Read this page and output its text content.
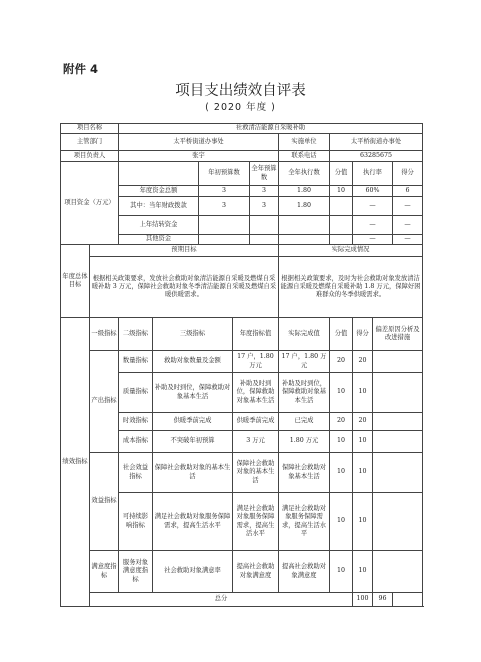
附件 4
项目支出绩效自评表
( 2020 年度 )
项目名称		社救清洁能源自采暖补助									
主管部门		太平桥街道办事处					实施单位	太平桥街道办事处			
项目负责人		张宇					联系电话	63285675			
项目资金（万元）				年初预算数		全年预算数	全年执行数	分值	执行率		得分
		年度资金总额		3		3	1.80	10	60%		6
		其中：当年财政拨款		3		3	1.80		—		—
		上年结转资金							—		—
		其他资金							—		—
年度总体目标	预期目标						实际完成情况				
	根据相关政策要求，发放社会救助对象清洁能源自采暖及燃煤自采暖补助 3 万元，保障社会救助对象冬季清洁能源自采暖及燃煤自采暖供暖需求。						根据相关政策要求，及时为社会救助对象发放清洁能源自采暖及燃煤自采暖补助 1.8 万元，保障好困难群众的冬季供暖需求。				
绩效指标	一级指标	二级指标	三级指标		年度指标值		实际完成值	分值	得分	偏差原因分析及改进措施	
	产出指标	数量指标	救助对象数量及金额		17 户，1.80 万元		17 户，1.80 万元	20	20		
		质量指标	补助及时到位，保障救助对象基本生活		补助及时到位，保障救助对象基本生活		补助及时到位，保障救助对象基本生活	10	10		
		时效指标	供暖季前完成		供暖季前完成		已完成	20	20		
		成本指标	不突破年初预算		3 万元		1.80 万元	10	10		
	效益指标	社会效益指标	保障社会救助对象的基本生活		保障社会救助对象的基本生活		保障社会救助对象基本生活	10	10		
		可持续影响指标	满足社会救助对象服务保障需求，提高生活水平		满足社会救助对象服务保障需求，提高生活水平		满足社会救助对象服务保障需求，提高生活水平	10	10		

	满意度指标	服务对象满意度指标	社会救助对象满意率		提高社会救助对象满意度		提高社会救助对象满意度	10	10		
	总分								100	96	
